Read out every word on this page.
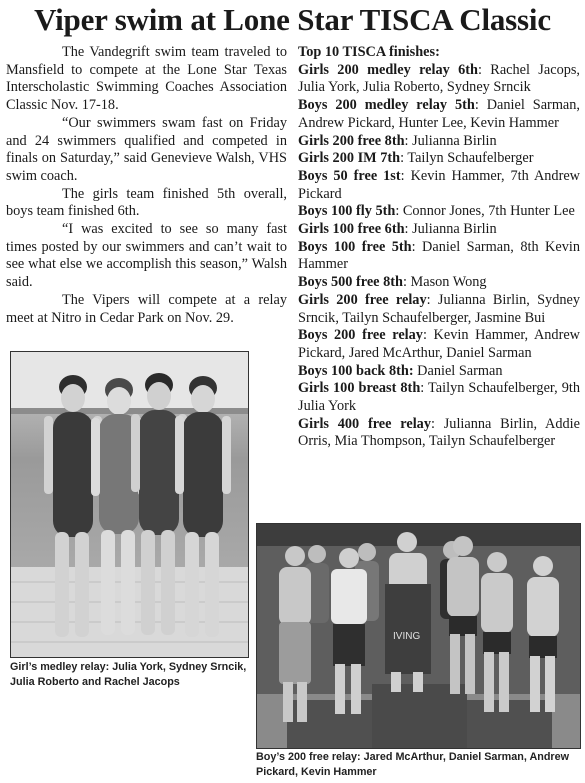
Viper swim at Lone Star TISCA Classic

The Vandegrift swim team traveled to Mansfield to compete at the Lone Star Texas Interscholastic Swimming Coaches Association Classic Nov. 17-18.

“Our swimmers swam fast on Friday and 24 swimmers qualified and competed in finals on Saturday,” said Genevieve Walsh, VHS swim coach.

The girls team finished 5th overall, boys team finished 6th.

“I was excited to see so many fast times posted by our swimmers and can’t wait to see what else we accomplish this season,” Walsh said.

The Vipers will compete at a relay meet at Nitro in Cedar Park on Nov. 29.

Top 10 TISCA finishes:

Girls 200 medley relay 6th: Rachel Jacops, Julia York, Julia Roberto, Sydney Srncik

Boys 200 medley relay 5th: Daniel Sarman, Andrew Pickard, Hunter Lee, Kevin Hammer

Girls 200 free 8th: Julianna Birlin

Girls 200 IM 7th: Tailyn Schaufelberger

Boys 50 free 1st: Kevin Hammer, 7th Andrew Pickard

Boys 100 fly 5th: Connor Jones, 7th Hunter Lee

Girls 100 free 6th: Julianna Birlin

Boys 100 free 5th: Daniel Sarman, 8th Kevin Hammer

Boys 500 free 8th: Mason Wong

Girls 200 free relay: Julianna Birlin, Sydney Srncik, Tailyn Schaufelberger, Jasmine Bui

Boys 200 free relay: Kevin Hammer, Andrew Pickard, Jared McArthur, Daniel Sarman

Boys 100 back 8th: Daniel Sarman

Girls 100 breast 8th: Tailyn Schaufelberger, 9th Julia York

Girls 400 free relay: Julianna Birlin, Addie Orris, Mia Thompson, Tailyn Schaufelberger

Girl’s medley relay: Julia York, Sydney Srncik, Julia Roberto and Rachel Jacops
IVING
Boy’s 200 free relay: Jared McArthur, Daniel Sarman, Andrew Pickard, Kevin Hammer
